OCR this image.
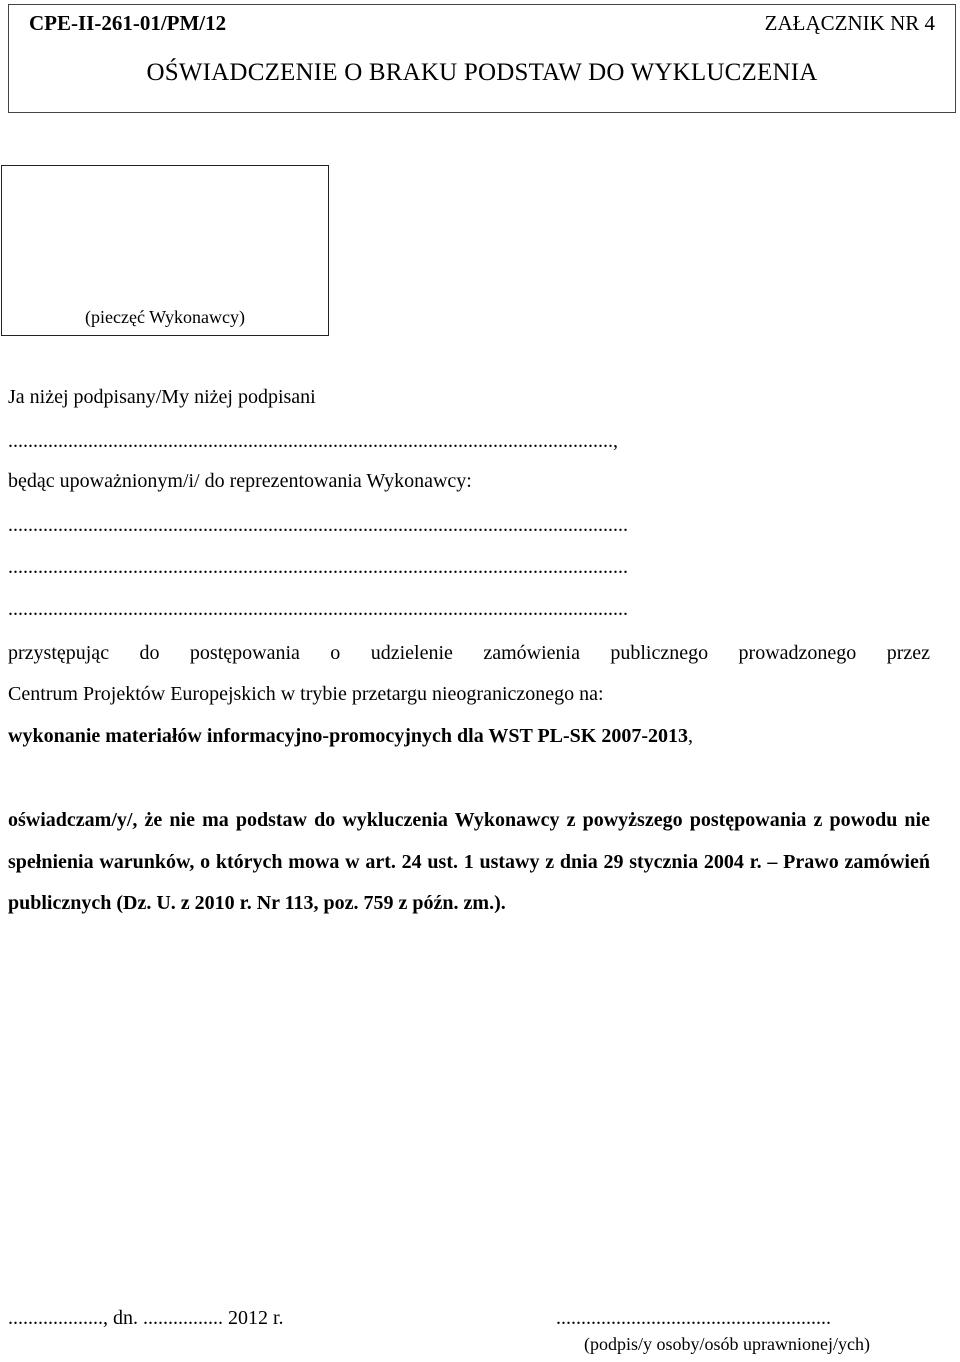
CPE-II-261-01/PM/12	ZAŁĄCZNIK NR 4
OŚWIADCZENIE O BRAKU PODSTAW DO WYKLUCZENIA
(pieczęć Wykonawcy)
Ja niżej podpisany/My niżej podpisani
.........................................................................................................................,
będąc upoważnionym/i/ do reprezentowania Wykonawcy:
............................................................................................................................
............................................................................................................................
............................................................................................................................
przystępując do postępowania o udzielenie zamówienia publicznego prowadzonego przez
Centrum Projektów Europejskich w trybie przetargu nieograniczonego na:
wykonanie materiałów informacyjno-promocyjnych dla WST PL-SK 2007-2013,
oświadczam/y/, że nie ma podstaw do wykluczenia Wykonawcy z powyższego postępowania z powodu nie spełnienia warunków, o których mowa w art. 24 ust. 1 ustawy z dnia 29 stycznia 2004 r. – Prawo zamówień publicznych (Dz. U. z 2010 r. Nr 113, poz. 759 z późn. zm.).
..................., dn. ................ 2012 r.	.......................................................
(podpis/y osoby/osób uprawnionej/ych)
